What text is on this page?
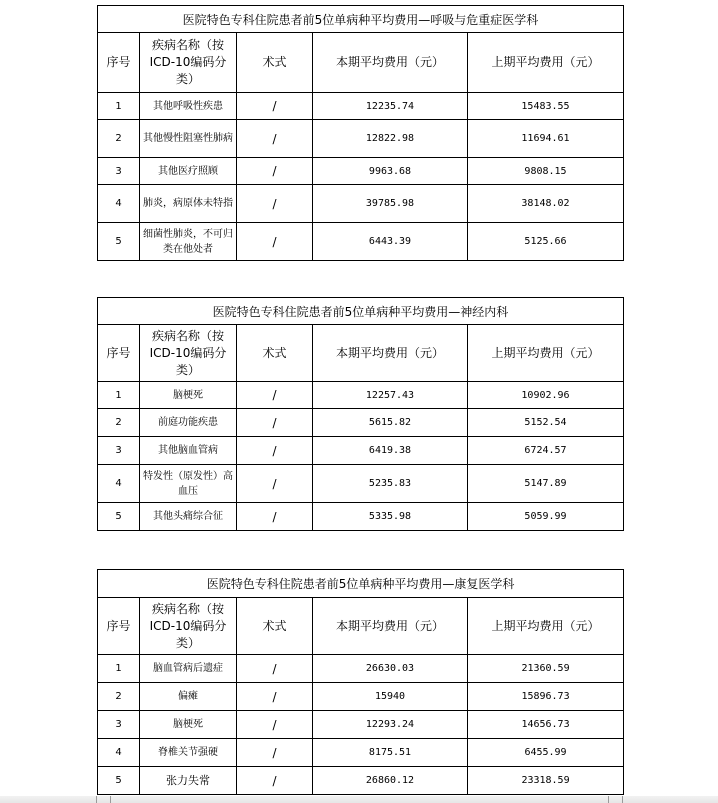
医院特色专科住院患者前5位单病种平均费用—呼吸与危重症医学科				
序号	疾病名称（按ICD-10编码分类）	术式	本期平均费用（元）	上期平均费用（元）
1	其他呼吸性疾患	/	12235.74	15483.55
2	其他慢性阻塞性肺病	/	12822.98	11694.61
3	其他医疗照顾	/	9963.68	9808.15
4	肺炎，病原体未特指	/	39785.98	38148.02
5	细菌性肺炎，不可归类在他处者	/	6443.39	5125.66
医院特色专科住院患者前5位单病种平均费用—神经内科				
序号	疾病名称（按ICD-10编码分类）	术式	本期平均费用（元）	上期平均费用（元）
1	脑梗死	/	12257.43	10902.96
2	前庭功能疾患	/	5615.82	5152.54
3	其他脑血管病	/	6419.38	6724.57
4	特发性（原发性）高血压	/	5235.83	5147.89
5	其他头痛综合征	/	5335.98	5059.99
医院特色专科住院患者前5位单病种平均费用—康复医学科				
序号	疾病名称（按ICD-10编码分类）	术式	本期平均费用（元）	上期平均费用（元）
1	脑血管病后遗症	/	26630.03	21360.59
2	偏瘫	/	15940	15896.73
3	脑梗死	/	12293.24	14656.73
4	脊椎关节强硬	/	8175.51	6455.99
5	张力失常	/	26860.12	23318.59
